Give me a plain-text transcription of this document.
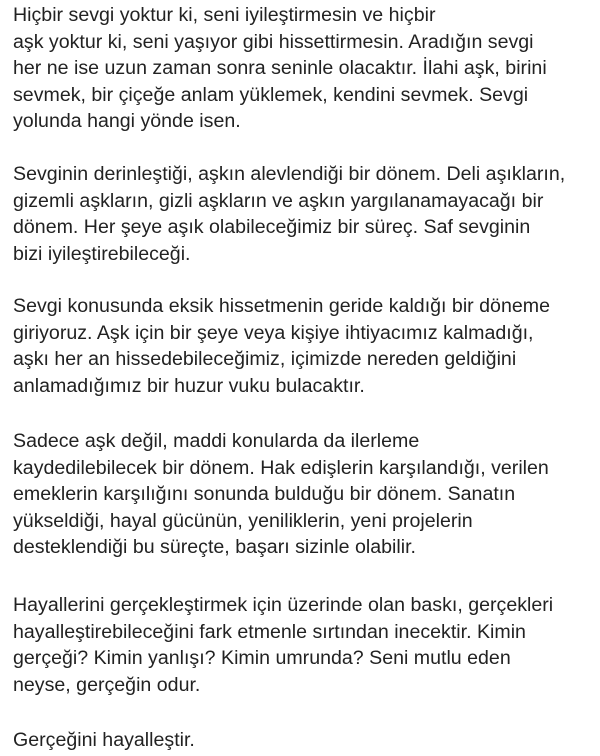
Hiçbir sevgi yoktur ki, seni iyileştirmesin ve hiçbir
aşk yoktur ki, seni yaşıyor gibi hissettirmesin. Aradığın sevgi
her ne ise uzun zaman sonra seninle olacaktır. İlahi aşk, birini
sevmek, bir çiçeğe anlam yüklemek, kendini sevmek. Sevgi
yolunda hangi yönde isen.

Sevginin derinleştiği, aşkın alevlendiği bir dönem. Deli aşıkların,
gizemli aşkların, gizli aşkların ve aşkın yargılanamayacağı bir
dönem. Her şeye aşık olabileceğimiz bir süreç. Saf sevginin
bizi iyileştirebileceği.

Sevgi konusunda eksik hissetmenin geride kaldığı bir döneme
giriyoruz. Aşk için bir şeye veya kişiye ihtiyacımız kalmadığı,
aşkı her an hissedebileceğimiz, içimizde nereden geldiğini
anlamadığımız bir huzur vuku bulacaktır.

Sadece aşk değil, maddi konularda da ilerleme
kaydedilebilecek bir dönem. Hak edişlerin karşılandığı, verilen
emeklerin karşılığını sonunda bulduğu bir dönem. Sanatın
yükseldiği, hayal gücünün, yeniliklerin, yeni projelerin
desteklendiği bu süreçte, başarı sizinle olabilir.

Hayallerini gerçekleştirmek için üzerinde olan baskı, gerçekleri
hayalleştirebileceğini fark etmenle sırtından inecektir. Kimin
gerçeği? Kimin yanlışı? Kimin umrunda? Seni mutlu eden
neyse, gerçeğin odur.

Gerçeğini hayalleştir.
